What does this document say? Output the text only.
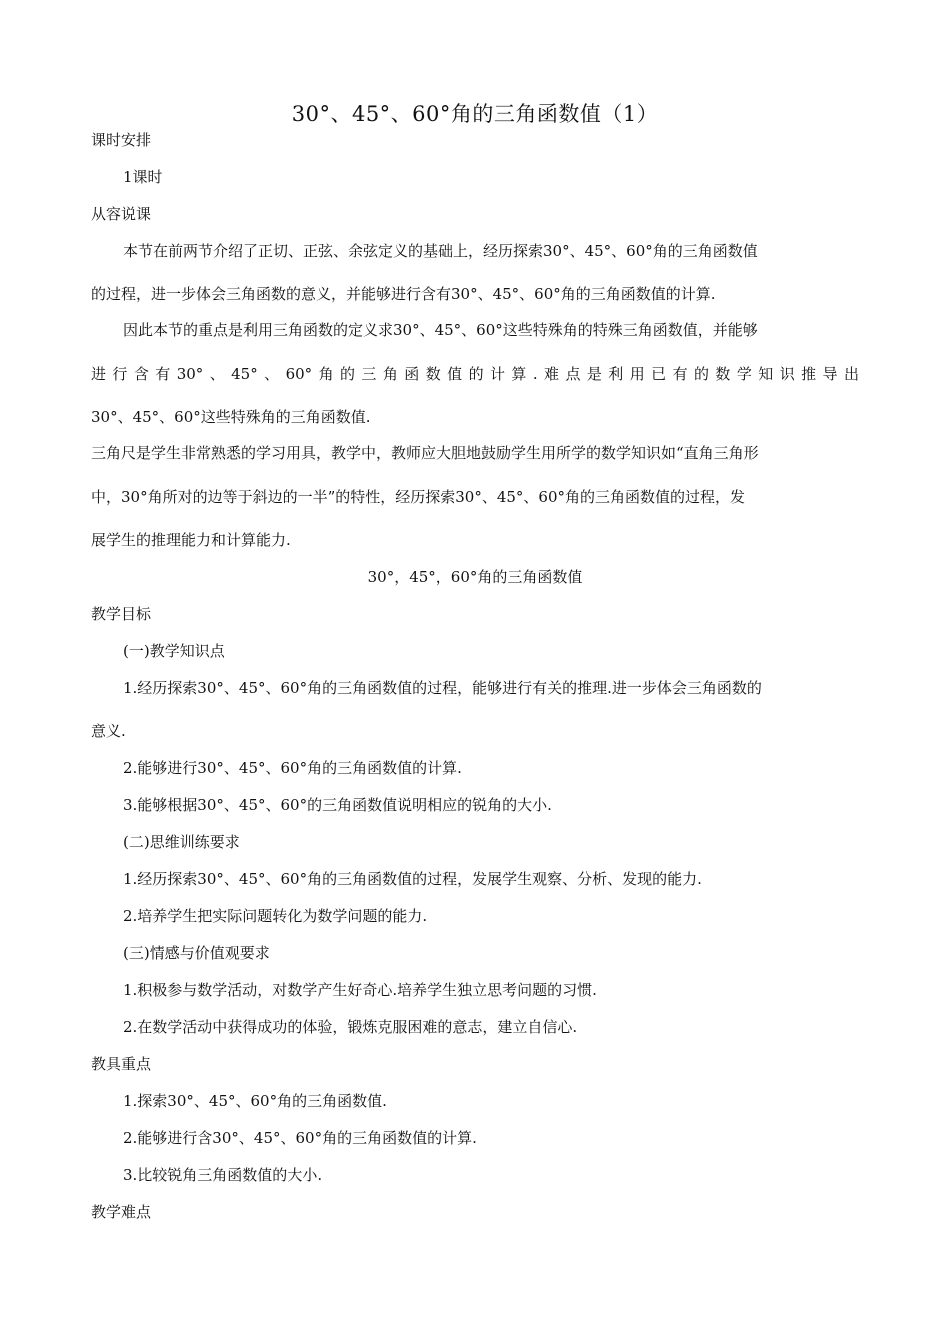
30°、45°、60°角的三角函数值（1）
课时安排
1课时
从容说课
本节在前两节介绍了正切、正弦、余弦定义的基础上，经历探索30°、45°、60°角的三角函数值
的过程，进一步体会三角函数的意义，并能够进行含有30°、45°、60°角的三角函数值的计算.
因此本节的重点是利用三角函数的定义求30°、45°、60°这些特殊角的特殊三角函数值，并能够
进行含有30°、45°、60°角的三角函数值的计算.难点是利用已有的数学知识推导出
30°、45°、60°这些特殊角的三角函数值.
三角尺是学生非常熟悉的学习用具，教学中，教师应大胆地鼓励学生用所学的数学知识如“直角三角形
中，30°角所对的边等于斜边的一半”的特性，经历探索30°、45°、60°角的三角函数值的过程，发
展学生的推理能力和计算能力.
30°，45°，60°角的三角函数值
教学目标
(一)教学知识点
1.经历探索30°、45°、60°角的三角函数值的过程，能够进行有关的推理.进一步体会三角函数的
意义.
2.能够进行30°、45°、60°角的三角函数值的计算.
3.能够根据30°、45°、60°的三角函数值说明相应的锐角的大小.
(二)思维训练要求
1.经历探索30°、45°、60°角的三角函数值的过程，发展学生观察、分析、发现的能力.
2.培养学生把实际问题转化为数学问题的能力.
(三)情感与价值观要求
1.积极参与数学活动，对数学产生好奇心.培养学生独立思考问题的习惯.
2.在数学活动中获得成功的体验，锻炼克服困难的意志，建立自信心.
教具重点
1.探索30°、45°、60°角的三角函数值.
2.能够进行含30°、45°、60°角的三角函数值的计算.
3.比较锐角三角函数值的大小.
教学难点
